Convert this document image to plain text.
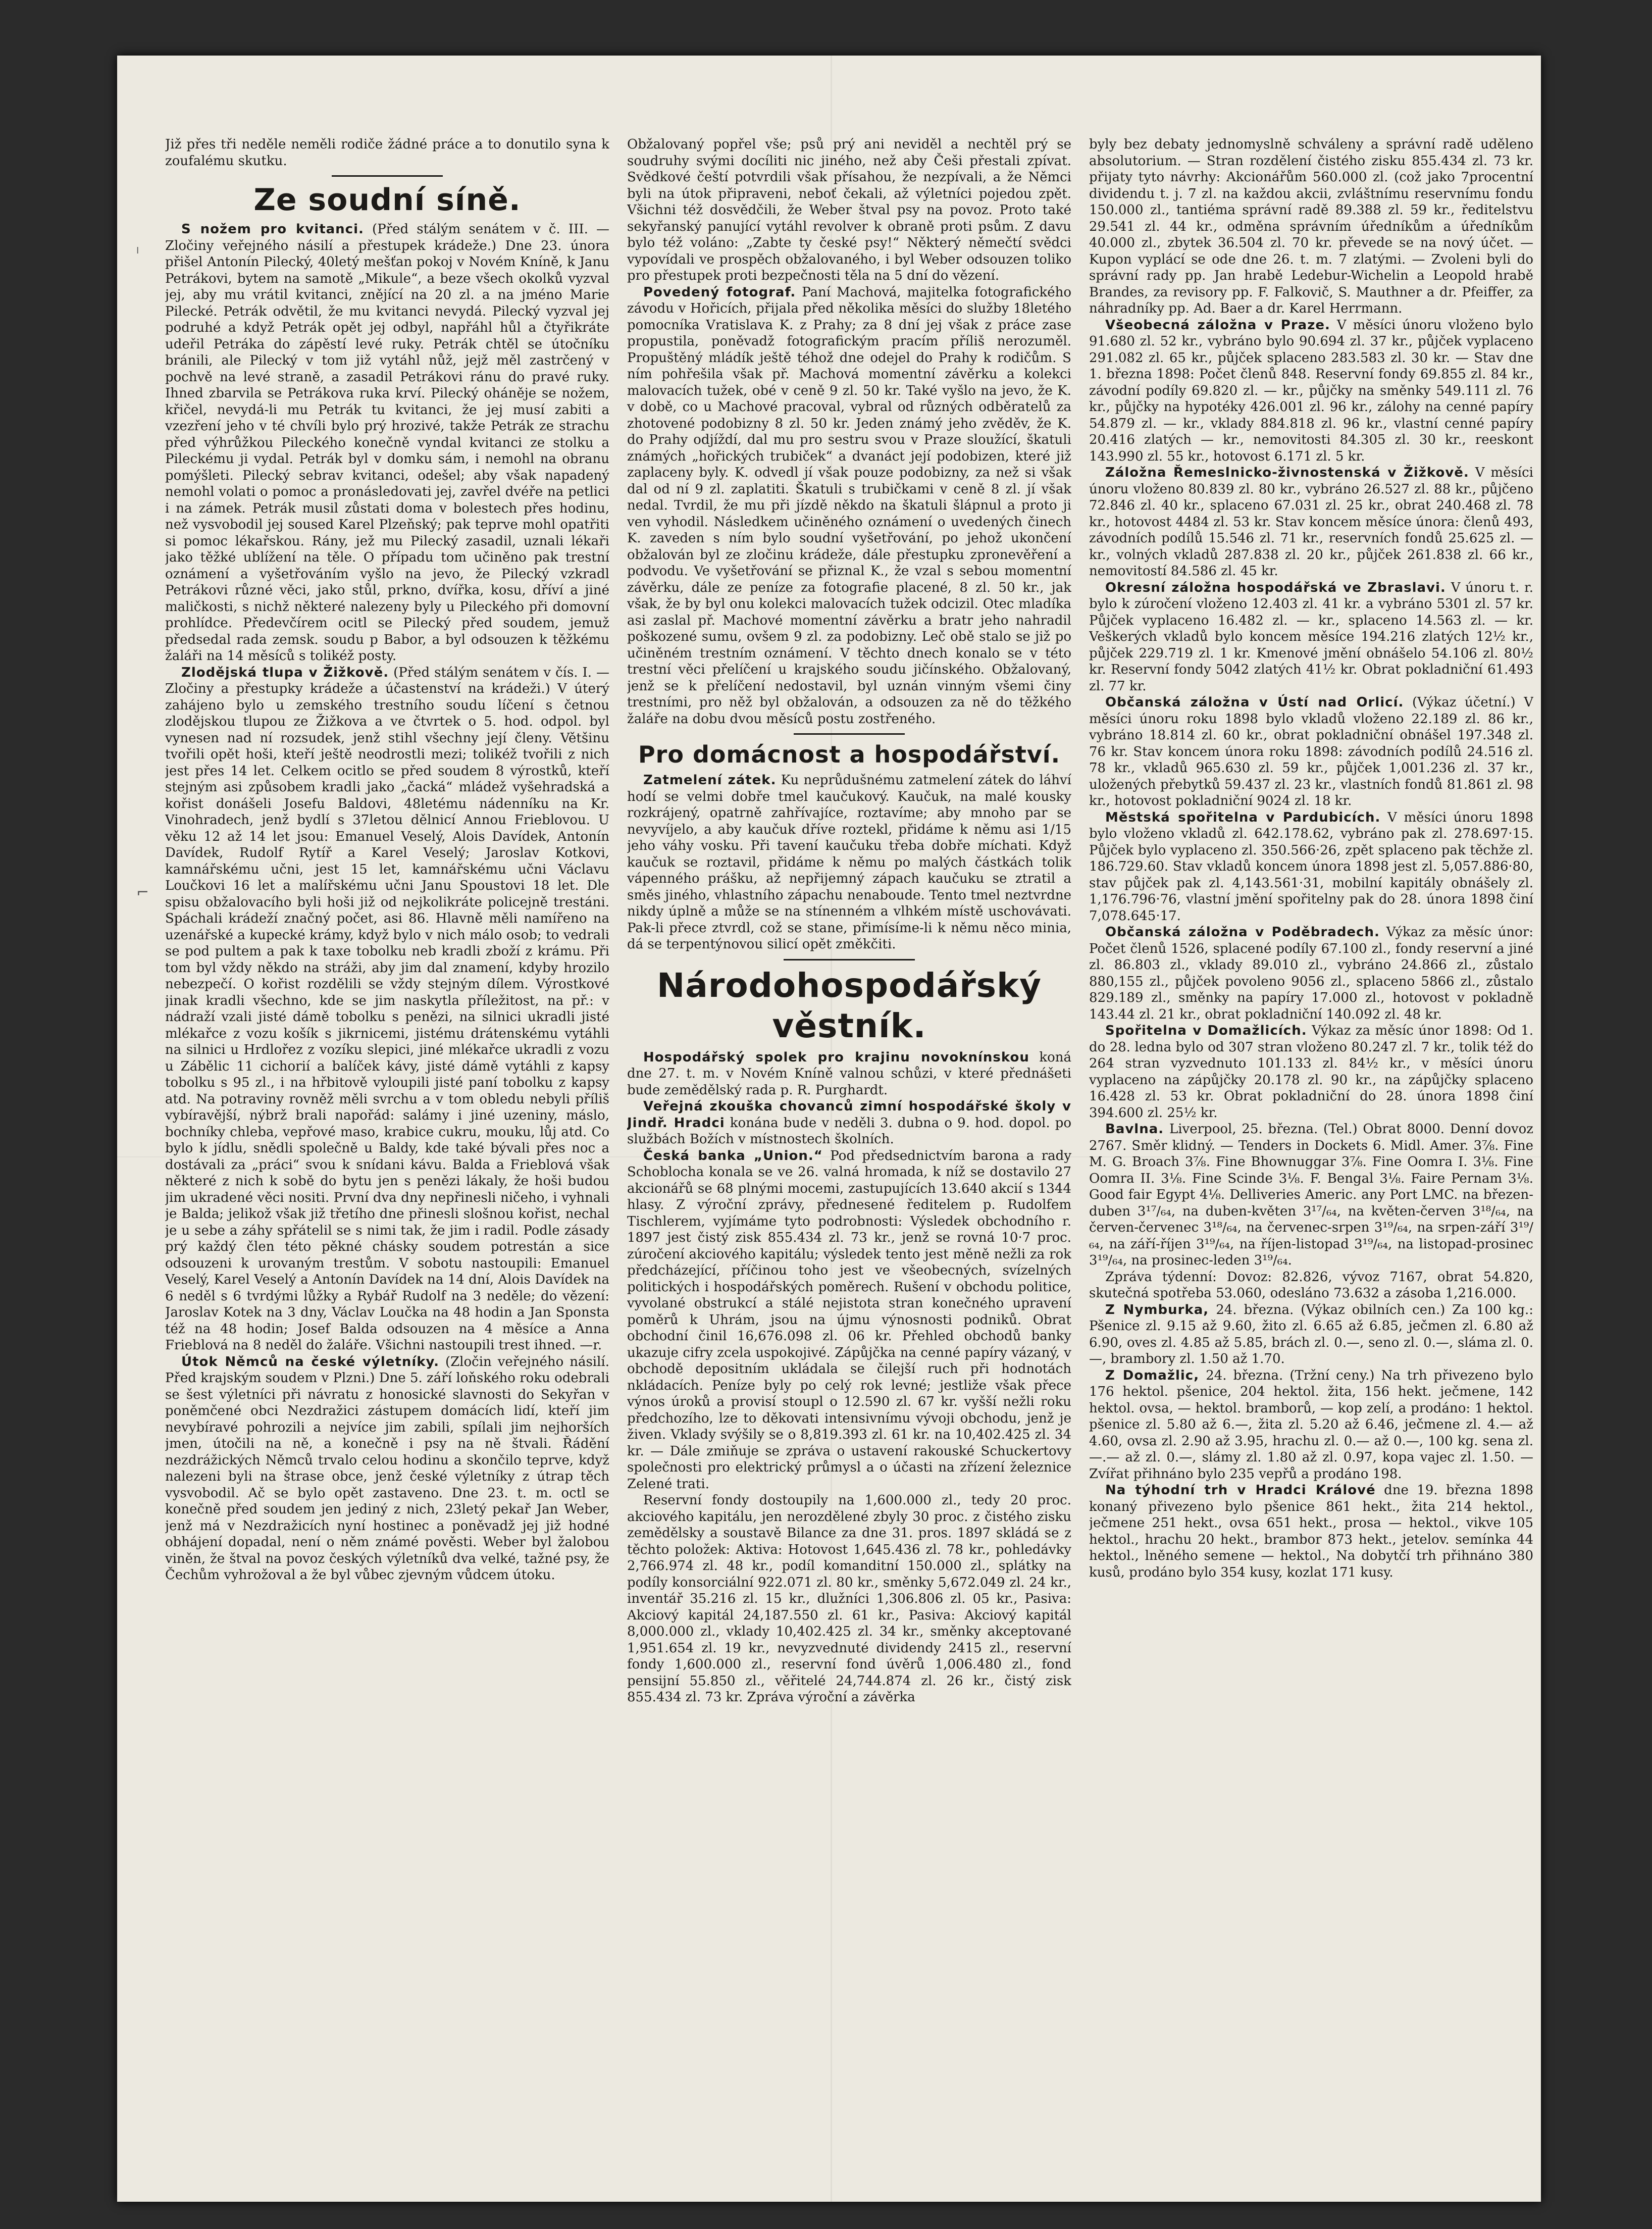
ˡ
⌐

Již přes tři neděle neměli rodiče žádné práce a to donutilo syna k zoufalému skutku.

Ze soudní síně.

S nožem pro kvitanci. (Před stálým senátem v č. III. — Zločiny veřejného násilí a přestupek krádeže.) Dne 23. února přišel Antonín Pilecký, 40letý mešťan pokoj v Novém Kníně, k Janu Petrákovi, bytem na samotě „Mikule“, a beze všech okolků vyzval jej, aby mu vrátil kvitanci, znějící na 20 zl. a na jméno Marie Pilecké. Petrák odvětil, že mu kvitanci nevydá. Pilecký vyzval jej podruhé a když Petrák opět jej odbyl, napřáhl hůl a čtyřikráte udeřil Petráka do zápěstí levé ruky. Petrák chtěl se útočníku bránili, ale Pilecký v tom již vytáhl nůž, jejž měl zastrčený v pochvě na levé straně, a zasadil Petrákovi ránu do pravé ruky. Ihned zbarvila se Petrákova ruka krví. Pilecký oháněje se nožem, křičel, nevydá-li mu Petrák tu kvitanci, že jej musí zabiti a vzezření jeho v té chvíli bylo prý hrozivé, takže Petrák ze strachu před výhrůžkou Pileckého konečně vyndal kvitanci ze stolku a Pileckému ji vydal. Petrák byl v domku sám, i nemohl na obranu pomýšleti. Pilecký sebrav kvitanci, odešel; aby však napadený nemohl volati o pomoc a pronásledovati jej, zavřel dvéře na petlici i na zámek. Petrák musil zůstati doma v bolestech přes hodinu, než vysvobodil jej soused Karel Plzeňský; pak teprve mohl opatřiti si pomoc lékařskou. Rány, jež mu Pilecký zasadil, uznali lékaři jako těžké ublížení na těle. O případu tom učiněno pak trestní oznámení a vyšetřováním vyšlo na jevo, že Pilecký vzkradl Petrákovi různé věci, jako stůl, prkno, dvířka, kosu, dříví a jiné maličkosti, s nichž některé nalezeny byly u Pileckého při domovní prohlídce. Předevčírem ocitl se Pilecký před soudem, jemuž předsedal rada zemsk. soudu p Babor, a byl odsouzen k těžkému žaláři na 14 měsíců s tolikéž posty.

Zlodějská tlupa v Žižkově. (Před stálým senátem v čís. I. — Zločiny a přestupky krádeže a účastenství na krádeži.) V úterý zahájeno bylo u zemského trestního soudu líčení s četnou zlodějskou tlupou ze Žižkova a ve čtvrtek o 5. hod. odpol. byl vynesen nad ní rozsudek, jenž stihl všechny její členy. Většinu tvořili opět hoši, kteří ještě neodrostli mezi; tolikéž tvořili z nich jest přes 14 let. Celkem ocitlo se před soudem 8 výrostků, kteří stejným asi způsobem kradli jako „čacká“ mládež vyšehradská a kořist donášeli Josefu Baldovi, 48letému nádenníku na Kr. Vinohradech, jenž bydlí s 37letou dělnicí Annou Frieblovou. U věku 12 až 14 let jsou: Emanuel Veselý, Alois Davídek, Antonín Davídek, Rudolf Rytíř a Karel Veselý; Jaroslav Kotkovi, kamnářskému učni, jest 15 let, kamnářskému učni Václavu Loučkovi 16 let a malířskému učni Janu Spoustovi 18 let. Dle spisu obžalovacího byli hoši již od nejkolikráte policejně trestáni. Spáchali krádeží značný počet, asi 86. Hlavně měli namířeno na uzenářské a kupecké krámy, když bylo v nich málo osob; to vedrali se pod pultem a pak k taxe tobolku neb kradli zboží z krámu. Při tom byl vždy někdo na stráži, aby jim dal znamení, kdyby hrozilo nebezpečí. O kořist rozdělili se vždy stejným dílem. Výrostkové jinak kradli všechno, kde se jim naskytla příležitost, na př.: v nádraží vzali jisté dámě tobolku s penězi, na silnici ukradli jisté mlékařce z vozu košík s jikrnicemi, jistému drátenskému vytáhli na silnici u Hrdlořez z vozíku slepici, jiné mlékařce ukradli z vozu u Zábělic 11 cichorií a balíček kávy, jisté dámě vytáhli z kapsy tobolku s 95 zl., i na hřbitově vyloupili jisté paní tobolku z kapsy atd. Na potraviny rovněž měli svrchu a v tom obledu nebyli příliš vybíravější, nýbrž brali napořád: salámy i jiné uzeniny, máslo, bochníky chleba, vepřové maso, krabice cukru, mouku, lůj atd. Co bylo k jídlu, snědli společně u Baldy, kde také bývali přes noc a dostávali za „práci“ svou k snídani kávu. Balda a Frieblová však některé z nich k sobě do bytu jen s penězi lákaly, že hoši budou jim ukradené věci nositi. První dva dny nepřinesli ničeho, i vyhnali je Balda; jelikož však již třetího dne přinesli slošnou kořist, nechal je u sebe a záhy spřátelil se s nimi tak, že jim i radil. Podle zásady prý každý člen této pěkné chásky soudem potrestán a sice odsouzeni k urovaným trestům. V sobotu nastoupili: Emanuel Veselý, Karel Veselý a Antonín Davídek na 14 dní, Alois Davídek na 6 neděl s 6 tvrdými lůžky a Rybář Rudolf na 3 neděle; do vězení: Jaroslav Kotek na 3 dny, Václav Loučka na 48 hodin a Jan Sponsta též na 48 hodin; Josef Balda odsouzen na 4 měsíce a Anna Frieblová na 8 neděl do žaláře. Všichni nastoupili trest ihned. —r.

Útok Němců na české výletníky. (Zločin veřejného násilí. Před krajským soudem v Plzni.) Dne 5. září loňského roku odebrali se šest výletníci při návratu z honosické slavnosti do Sekyřan v poněmčené obci Nezdražici zástupem domácích lidí, kteří jim nevybíravé pohrozili a nejvíce jim zabili, spílali jim nejhorších jmen, útočili na ně, a konečně i psy na ně štvali. Řádění nezdrážických Němců trvalo celou hodinu a skončilo teprve, když nalezeni byli na štrase obce, jenž české výletníky z útrap těch vysvobodil. Ač se bylo opět zastaveno. Dne 23. t. m. octl se konečně před soudem jen jediný z nich, 23letý pekař Jan Weber, jenž má v Nezdražicích nyní hostinec a poněvadž jej již hodné obhájení dopadal, není o něm známé pověsti. Weber byl žalobou viněn, že štval na povoz českých výletníků dva velké, tažné psy, že Čechům vyhrožoval a že byl vůbec zjevným vůdcem útoku.

Obžalovaný popřel vše; psů prý ani neviděl a nechtěl prý se soudruhy svými docíliti nic jiného, než aby Češi přestali zpívat. Svědkové čeští potvrdili však přísahou, že nezpívali, a že Němci byli na útok připraveni, neboť čekali, až výletníci pojedou zpět. Všichni též dosvědčili, že Weber štval psy na povoz. Proto také sekyřanský panující vytáhl revolver k obraně proti psům. Z davu bylo též voláno: „Zabte ty české psy!“ Některý němečtí svědci vypovídali ve prospěch obžalovaného, i byl Weber odsouzen toliko pro přestupek proti bezpečnosti těla na 5 dní do vězení.

Povedený fotograf. Paní Machová, majitelka fotografického závodu v Hořicích, přijala před několika měsíci do služby 18letého pomocníka Vratislava K. z Prahy; za 8 dní jej však z práce zase propustila, poněvadž fotografickým pracím příliš nerozuměl. Propuštěný mládík ještě téhož dne odejel do Prahy k rodičům. S ním pohřešila však př. Machová momentní závěrku a kolekci malovacích tužek, obé v ceně 9 zl. 50 kr. Také vyšlo na jevo, že K. v době, co u Machové pracoval, vybral od různých odběratelů za zhotovené podobizny 8 zl. 50 kr. Jeden známý jeho zvěděv, že K. do Prahy odjíždí, dal mu pro sestru svou v Praze sloužící, škatuli známých „hořických trubiček“ a dvanáct její podobizen, které již zaplaceny byly. K. odvedl jí však pouze podobizny, za než si však dal od ní 9 zl. zaplatiti. Škatuli s trubičkami v ceně 8 zl. jí však nedal. Tvrdil, že mu při jízdě někdo na škatuli šlápnul a proto ji ven vyhodil. Následkem učiněného oznámení o uvedených činech K. zaveden s ním bylo soudní vyšetřování, po jehož ukončení obžalován byl ze zločinu krádeže, dále přestupku zpronevěření a podvodu. Ve vyšetřování se přiznal K., že vzal s sebou momentní závěrku, dále ze peníze za fotografie placené, 8 zl. 50 kr., jak však, že by byl onu kolekci malovacích tužek odcizil. Otec mladíka asi zaslal př. Machové momentní závěrku a bratr jeho nahradil poškozené sumu, ovšem 9 zl. za podobizny. Leč obě stalo se již po učiněném trestním oznámení. V těchto dnech konalo se v této trestní věci přelíčení u krajského soudu jičínského. Obžalovaný, jenž se k přelíčení nedostavil, byl uznán vinným všemi činy trestními, pro něž byl obžalován, a odsouzen za ně do těžkého žaláře na dobu dvou měsíců postu zostřeného.

Pro domácnost a hospodářství.

Zatmelení zátek. Ku neprůdušnému zatmelení zátek do láhví hodí se velmi dobře tmel kaučukový. Kaučuk, na malé kousky rozkrájený, opatrně zahřívajíce, roztavíme; aby mnoho par se nevyvíjelo, a aby kaučuk dříve roztekl, přidáme k němu asi 1/15 jeho váhy vosku. Při tavení kaučuku třeba dobře míchati. Když kaučuk se roztavil, přidáme k němu po malých částkách tolik vápenného prášku, až nepřijemný zápach kaučuku se ztratil a směs jiného, vhlastního zápachu nenaboude. Tento tmel neztvrdne nikdy úplně a může se na stínenném a vlhkém místě uschovávati. Pak-li přece ztvrdl, což se stane, přimísíme-li k němu něco minia, dá se terpentýnovou silicí opět změkčiti.

Národohospodářský věstník.

Hospodářský spolek pro krajinu novoknínskou koná dne 27. t. m. v Novém Kníně valnou schůzi, v které přednášeti bude zemědělský rada p. R. Purghardt.

Veřejná zkouška chovanců zimní hospodářské školy v Jindř. Hradci konána bude v neděli 3. dubna o 9. hod. dopol. po službách Božích v místnostech školních.

Česká banka „Union.“ Pod předsednictvím barona a rady Schoblocha konala se ve 26. valná hromada, k níž se dostavilo 27 akcionářů se 68 plnými mocemi, zastupujících 13.640 akcií s 1344 hlasy. Z výroční zprávy, přednesené ředitelem p. Rudolfem Tischlerem, vyjímáme tyto podrobnosti: Výsledek obchodního r. 1897 jest čistý zisk 855.434 zl. 73 kr., jenž se rovná 10·7 proc. zúročení akciového kapitálu; výsledek tento jest měně nežli za rok předcházející, příčinou toho jest ve všeobecných, svízelných politických i hospodářských poměrech. Rušení v obchodu politice, vyvolané obstrukcí a stálé nejistota stran konečného upravení poměrů k Uhrám, jsou na újmu výnosnosti podniků. Obrat obchodní činil 16,676.098 zl. 06 kr. Přehled obchodů banky ukazuje cifry zcela uspokojivé. Zápůjčka na cenné papíry vázaný, v obchodě depositním ukládala se čilejší ruch při hodnotách nkládacích. Peníze byly po celý rok levné; jestliže však přece výnos úroků a provisí stoupl o 12.590 zl. 67 kr. vyšší nežli roku předchozího, lze to děkovati intensivnímu vývoji obchodu, jenž je živen. Vklady svýšily se o 8,819.393 zl. 61 kr. na 10,402.425 zl. 34 kr. — Dále zmiňuje se zpráva o ustavení rakouské Schuckertovy společnosti pro elektrický průmysl a o účasti na zřízení železnice Zelené trati.

Reservní fondy dostoupily na 1,600.000 zl., tedy 20 proc. akciového kapitálu, jen nerozdělené zbyly 30 proc. z čistého zisku zemědělsky a soustavě Bilance za dne 31. pros. 1897 skládá se z těchto položek: Aktiva: Hotovost 1,645.436 zl. 78 kr., pohledávky 2,766.974 zl. 48 kr., podíl komanditní 150.000 zl., splátky na podíly konsorciální 922.071 zl. 80 kr., směnky 5,672.049 zl. 24 kr., inventář 35.216 zl. 15 kr., dlužníci 1,306.806 zl. 05 kr., Pasiva: Akciový kapitál 24,187.550 zl. 61 kr., Pasiva: Akciový kapitál 8,000.000 zl., vklady 10,402.425 zl. 34 kr., směnky akceptované 1,951.654 zl. 19 kr., nevyzvednuté dividendy 2415 zl., reservní fondy 1,600.000 zl., reservní fond úvěrů 1,006.480 zl., fond pensijní 55.850 zl., věřitelé 24,744.874 zl. 26 kr., čistý zisk 855.434 zl. 73 kr. Zpráva výroční a závěrka

byly bez debaty jednomyslně schváleny a správní radě uděleno absolutorium. — Stran rozdělení čistého zisku 855.434 zl. 73 kr. přijaty tyto návrhy: Akcionářům 560.000 zl. (což jako 7procentní dividendu t. j. 7 zl. na každou akcii, zvláštnímu reservnímu fondu 150.000 zl., tantiéma správní radě 89.388 zl. 59 kr., ředitelstvu 29.541 zl. 44 kr., odměna správním úředníkům a úředníkům 40.000 zl., zbytek 36.504 zl. 70 kr. převede se na nový účet. — Kupon vyplácí se ode dne 26. t. m. 7 zlatými. — Zvoleni byli do správní rady pp. Jan hrabě Ledebur-Wichelin a Leopold hrabě Brandes, za revisory pp. F. Falkovič, S. Mauthner a dr. Pfeiffer, za náhradníky pp. Ad. Baer a dr. Karel Herrmann.

Všeobecná záložna v Praze. V měsíci únoru vloženo bylo 91.680 zl. 52 kr., vybráno bylo 90.694 zl. 37 kr., půjček vyplaceno 291.082 zl. 65 kr., půjček splaceno 283.583 zl. 30 kr. — Stav dne 1. března 1898: Počet členů 848. Reservní fondy 69.855 zl. 84 kr., závodní podíly 69.820 zl. — kr., půjčky na směnky 549.111 zl. 76 kr., půjčky na hypotéky 426.001 zl. 96 kr., zálohy na cenné papíry 54.879 zl. — kr., vklady 884.818 zl. 96 kr., vlastní cenné papíry 20.416 zlatých — kr., nemovitosti 84.305 zl. 30 kr., reeskont 143.990 zl. 55 kr., hotovost 6.171 zl. 5 kr.

Záložna Řemeslnicko-živnostenská v Žižkově. V měsíci únoru vloženo 80.839 zl. 80 kr., vybráno 26.527 zl. 88 kr., půjčeno 72.846 zl. 40 kr., splaceno 67.031 zl. 25 kr., obrat 240.468 zl. 78 kr., hotovost 4484 zl. 53 kr. Stav koncem měsíce února: členů 493, závodních podílů 15.546 zl. 71 kr., reservních fondů 25.625 zl. — kr., volných vkladů 287.838 zl. 20 kr., půjček 261.838 zl. 66 kr., nemovitostí 84.586 zl. 45 kr.

Okresní záložna hospodářská ve Zbraslavi. V únoru t. r. bylo k zúročení vloženo 12.403 zl. 41 kr. a vybráno 5301 zl. 57 kr. Půjček vyplaceno 16.482 zl. — kr., splaceno 14.563 zl. — kr. Veškerých vkladů bylo koncem měsíce 194.216 zlatých 12½ kr., půjček 229.719 zl. 1 kr. Kmenové jmění obnášelo 54.106 zl. 80½ kr. Reservní fondy 5042 zlatých 41½ kr. Obrat pokladniční 61.493 zl. 77 kr.

Občanská záložna v Ústí nad Orlicí. (Výkaz účetní.) V měsíci únoru roku 1898 bylo vkladů vloženo 22.189 zl. 86 kr., vybráno 18.814 zl. 60 kr., obrat pokladniční obnášel 197.348 zl. 76 kr. Stav koncem února roku 1898: závodních podílů 24.516 zl. 78 kr., vkladů 965.630 zl. 59 kr., půjček 1,001.236 zl. 37 kr., uložených přebytků 59.437 zl. 23 kr., vlastních fondů 81.861 zl. 98 kr., hotovost pokladniční 9024 zl. 18 kr.

Městská spořitelna v Pardubicích. V měsíci únoru 1898 bylo vloženo vkladů zl. 642.178.62, vybráno pak zl. 278.697·15. Půjček bylo vyplaceno zl. 350.566·26, zpět splaceno pak těchže zl. 186.729.60. Stav vkladů koncem února 1898 jest zl. 5,057.886·80, stav půjček pak zl. 4,143.561·31, mobilní kapitály obnášely zl. 1,176.796·76, vlastní jmění spořitelny pak do 28. února 1898 činí 7,078.645·17.

Občanská záložna v Poděbradech. Výkaz za měsíc únor: Počet členů 1526, splacené podíly 67.100 zl., fondy reservní a jiné zl. 86.803 zl., vklady 89.010 zl., vybráno 24.866 zl., zůstalo 880,155 zl., půjček povoleno 9056 zl., splaceno 5866 zl., zůstalo 829.189 zl., směnky na papíry 17.000 zl., hotovost v pokladně 143.44 zl. 21 kr., obrat pokladniční 140.092 zl. 48 kr.

Spořitelna v Domažlicích. Výkaz za měsíc únor 1898: Od 1. do 28. ledna bylo od 307 stran vloženo 80.247 zl. 7 kr., tolik též do 264 stran vyzvednuto 101.133 zl. 84½ kr., v měsíci únoru vyplaceno na zápůjčky 20.178 zl. 90 kr., na zápůjčky splaceno 16.428 zl. 53 kr. Obrat pokladniční do 28. února 1898 činí 394.600 zl. 25½ kr.

Bavlna. Liverpool, 25. března. (Tel.) Obrat 8000. Denní dovoz 2767. Směr klidný. — Tenders in Dockets 6. Midl. Amer. 3⅞. Fine M. G. Broach 3⅞. Fine Bhownuggar 3⅞. Fine Oomra I. 3⅛. Fine Oomra II. 3⅛. Fine Scinde 3⅛. F. Bengal 3⅛. Faire Pernam 3⅛. Good fair Egypt 4⅛. Delliveries Americ. any Port LMC. na březen-duben 3¹⁷/₆₄, na duben-květen 3¹⁷/₆₄, na květen-červen 3¹⁸/₆₄, na červen-červenec 3¹⁸/₆₄, na červenec-srpen 3¹⁹/₆₄, na srpen-září 3¹⁹/₆₄, na září-říjen 3¹⁹/₆₄, na říjen-listopad 3¹⁹/₆₄, na listopad-prosinec 3¹⁹/₆₄, na prosinec-leden 3¹⁹/₆₄.

Zpráva týdenní: Dovoz: 82.826, vývoz 7167, obrat 54.820, skutečná spotřeba 53.060, odesláno 73.632 a zásoba 1,216.000.

Z Nymburka, 24. března. (Výkaz obilních cen.) Za 100 kg.: Pšenice zl. 9.15 až 9.60, žito zl. 6.65 až 6.85, ječmen zl. 6.80 až 6.90, oves zl. 4.85 až 5.85, brách zl. 0.—, seno zl. 0.—, sláma zl. 0.—, brambory zl. 1.50 až 1.70.

Z Domažlic, 24. března. (Tržní ceny.) Na trh přivezeno bylo 176 hektol. pšenice, 204 hektol. žita, 156 hekt. ječmene, 142 hektol. ovsa, — hektol. bramborů, — kop zelí, a prodáno: 1 hektol. pšenice zl. 5.80 až 6.—, žita zl. 5.20 až 6.46, ječmene zl. 4.— až 4.60, ovsa zl. 2.90 až 3.95, hrachu zl. 0.— až 0.—, 100 kg. sena zl. —.— až zl. 0.—, slámy zl. 1.80 až zl. 0.97, kopa vajec zl. 1.50. — Zvířat přihnáno bylo 235 vepřů a prodáno 198.

Na týhodní trh v Hradci Králové dne 19. března 1898 konaný přivezeno bylo pšenice 861 hekt., žita 214 hektol., ječmene 251 hekt., ovsa 651 hekt., prosa — hektol., vikve 105 hektol., hrachu 20 hekt., brambor 873 hekt., jetelov. semínka 44 hektol., lněného semene — hektol., Na dobytčí trh přihnáno 380 kusů, prodáno bylo 354 kusy, kozlat 171 kusy.
